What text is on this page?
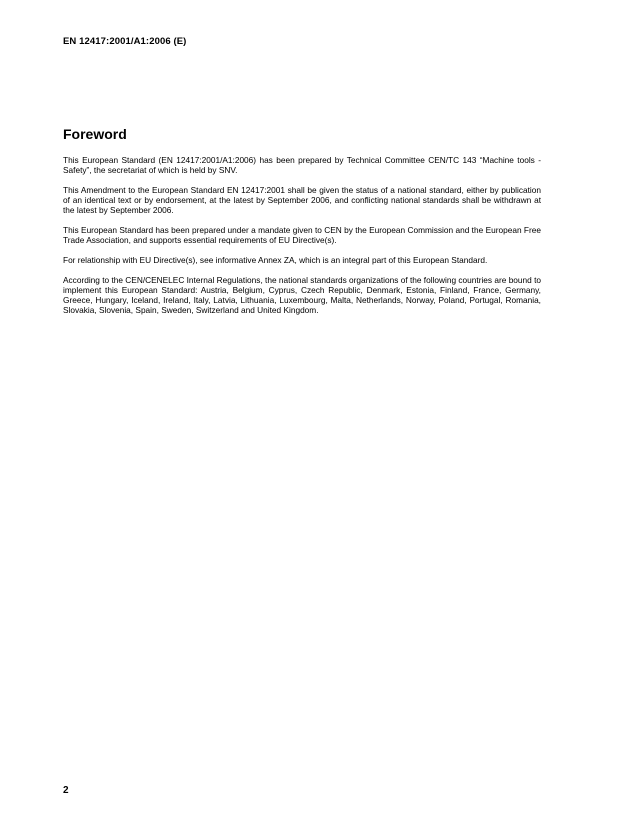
EN 12417:2001/A1:2006 (E)
Foreword

This European Standard (EN 12417:2001/A1:2006) has been prepared by Technical Committee CEN/TC 143 “Machine tools - Safety”, the secretariat of which is held by SNV.

This Amendment to the European Standard EN 12417:2001 shall be given the status of a national standard, either by publication of an identical text or by endorsement, at the latest by September 2006, and conflicting national standards shall be withdrawn at the latest by September 2006.

This European Standard has been prepared under a mandate given to CEN by the European Commission and the European Free Trade Association, and supports essential requirements of EU Directive(s).

For relationship with EU Directive(s), see informative Annex ZA, which is an integral part of this European Standard.

According to the CEN/CENELEC Internal Regulations, the national standards organizations of the following countries are bound to implement this European Standard: Austria, Belgium, Cyprus, Czech Republic, Denmark, Estonia, Finland, France, Germany, Greece, Hungary, Iceland, Ireland, Italy, Latvia, Lithuania, Luxembourg, Malta, Netherlands, Norway, Poland, Portugal, Romania, Slovakia, Slovenia, Spain, Sweden, Switzerland and United Kingdom.

2
